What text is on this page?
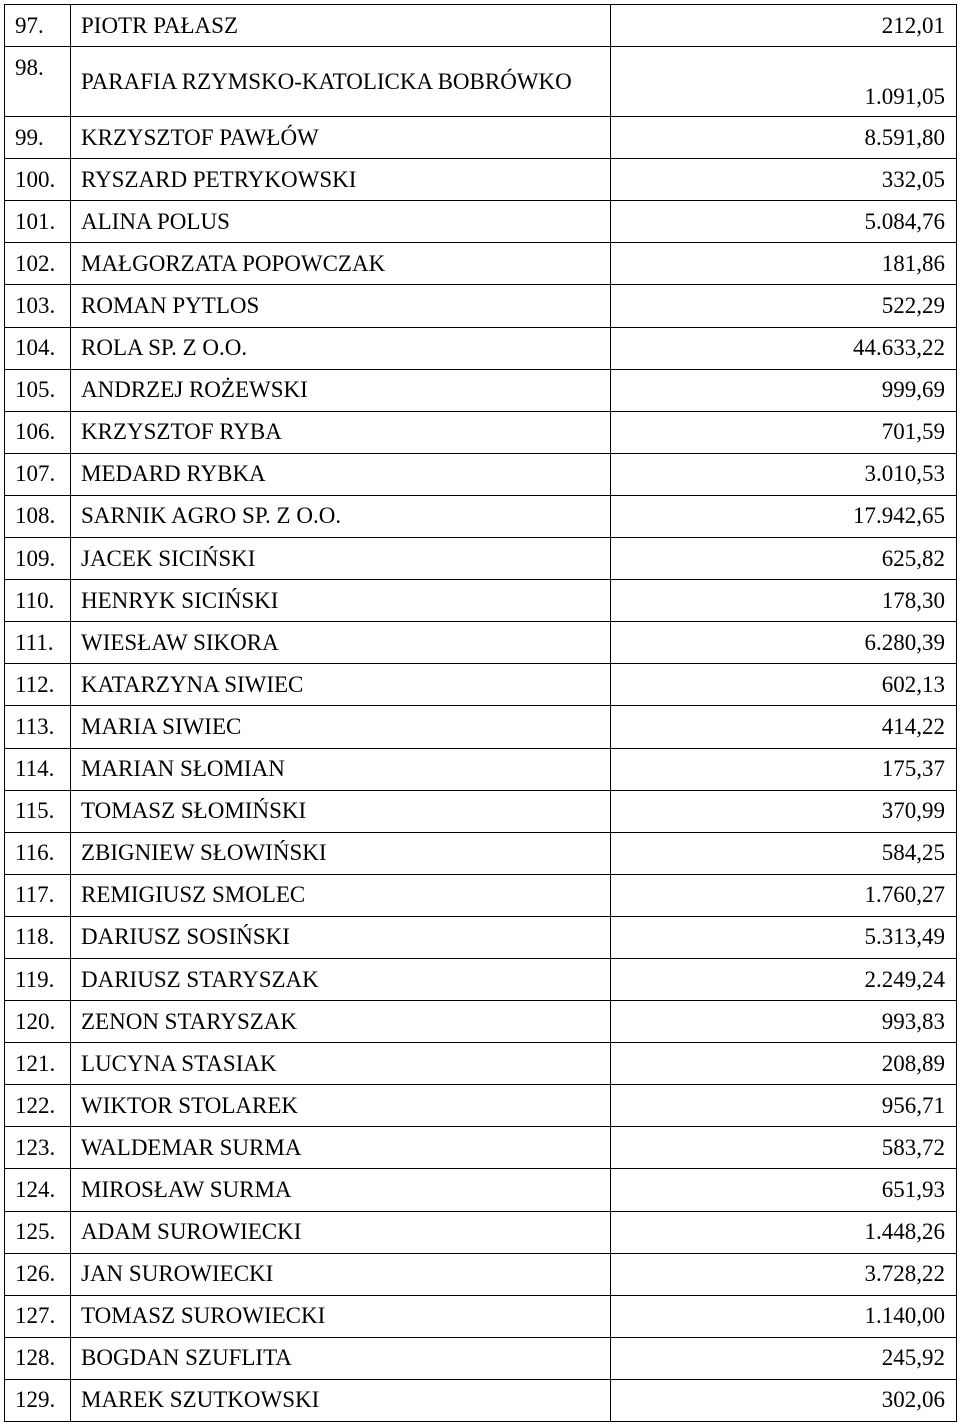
97.	PIOTR PAŁASZ	212,01
98.	PARAFIA RZYMSKO-KATOLICKA BOBRÓWKO	1.091,05
99.	KRZYSZTOF PAWŁÓW	8.591,80
100.	RYSZARD PETRYKOWSKI	332,05
101.	ALINA POLUS	5.084,76
102.	MAŁGORZATA POPOWCZAK	181,86
103.	ROMAN PYTLOS	522,29
104.	ROLA SP. Z O.O.	44.633,22
105.	ANDRZEJ ROŻEWSKI	999,69
106.	KRZYSZTOF RYBA	701,59
107.	MEDARD RYBKA	3.010,53
108.	SARNIK AGRO SP. Z O.O.	17.942,65
109.	JACEK SICIŃSKI	625,82
110.	HENRYK SICIŃSKI	178,30
111.	WIESŁAW SIKORA	6.280,39
112.	KATARZYNA SIWIEC	602,13
113.	MARIA SIWIEC	414,22
114.	MARIAN SŁOMIAN	175,37
115.	TOMASZ SŁOMIŃSKI	370,99
116.	ZBIGNIEW SŁOWIŃSKI	584,25
117.	REMIGIUSZ SMOLEC	1.760,27
118.	DARIUSZ SOSIŃSKI	5.313,49
119.	DARIUSZ STARYSZAK	2.249,24
120.	ZENON STARYSZAK	993,83
121.	LUCYNA STASIAK	208,89
122.	WIKTOR STOLAREK	956,71
123.	WALDEMAR SURMA	583,72
124.	MIROSŁAW SURMA	651,93
125.	ADAM SUROWIECKI	1.448,26
126.	JAN SUROWIECKI	3.728,22
127.	TOMASZ SUROWIECKI	1.140,00
128.	BOGDAN SZUFLITA	245,92
129.	MAREK SZUTKOWSKI	302,06
